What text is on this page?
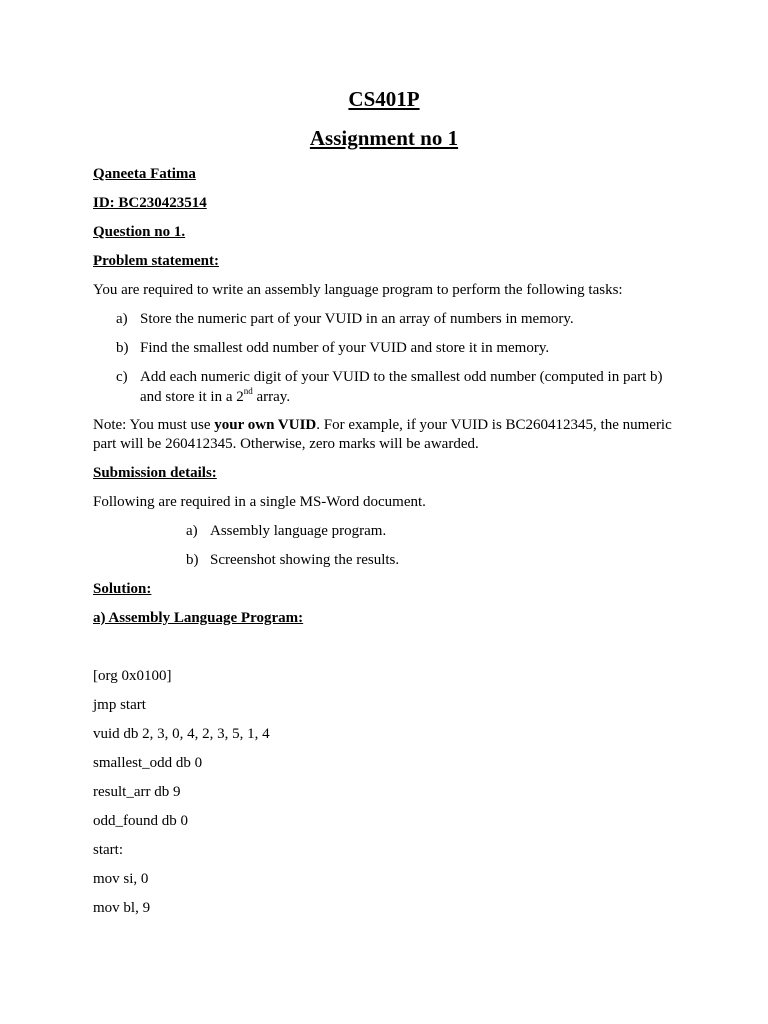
CS401P
Assignment no 1

Qaneeta Fatima

ID: BC230423514

Question no 1.

Problem statement:

You are required to write an assembly language program to perform the following tasks:

a) Store the numeric part of your VUID in an array of numbers in memory.
b) Find the smallest odd number of your VUID and store it in memory.
c) Add each numeric digit of your VUID to the smallest odd number (computed in part b) and store it in a 2nd array.

Note: You must use your own VUID. For example, if your VUID is BC260412345, the numeric part will be 260412345. Otherwise, zero marks will be awarded.

Submission details:

Following are required in a single MS-Word document.

a) Assembly language program.
b) Screenshot showing the results.

Solution:

a) Assembly Language Program:

[org 0x0100]

jmp start

vuid db 2, 3, 0, 4, 2, 3, 5, 1, 4

smallest_odd db 0

result_arr db 9

odd_found db 0

start:

mov si, 0

mov bl, 9
